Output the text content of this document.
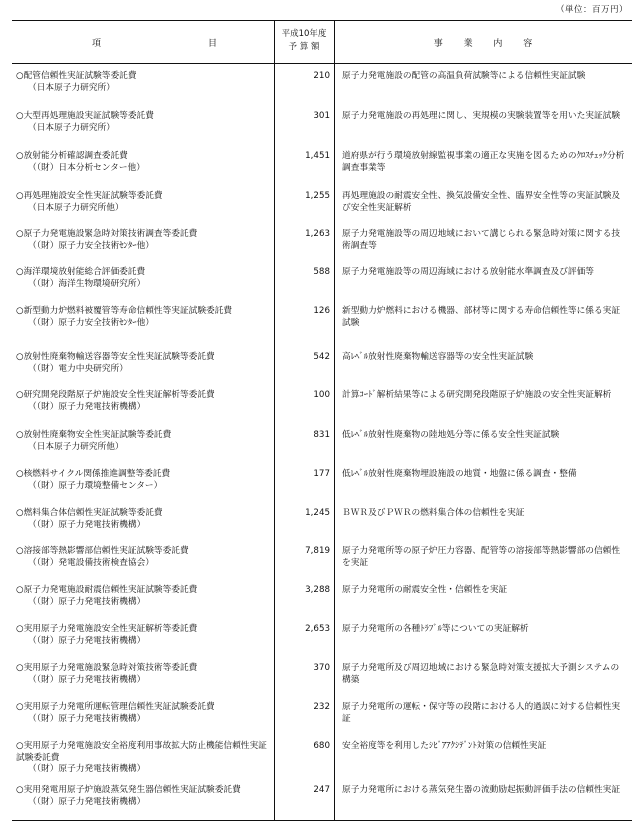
（単位：百万円）
項	目
平成10年度
予 算 額	事 業 内 容
○配管信頼性実証試験等委託費
（日本原子力研究所）
210 原子力発電施設の配管の高温負荷試験等による信頼性実証試験
○大型再処理施設実証試験等委託費
（日本原子力研究所）
301 原子力発電施設の再処理に関し、実規模の実験装置等を用いた実証試験
○放射能分析確認調査委託費
（（財）日本分析センター他）
1,451 道府県が行う環境放射線監視事業の適正な実施を図るためのｸﾛｽﾁｪｯｸ分析調査事業等
○再処理施設安全性実証試験等委託費
（日本原子力研究所他）
1,255 再処理施設の耐震安全性、換気設備安全性、臨界安全性等の実証試験及び安全性実証解析
○原子力発電施設緊急時対策技術調査等委託費
（（財）原子力安全技術ｾﾝﾀｰ他）
1,263 原子力発電施設等の周辺地域において講じられる緊急時対策に関する技術調査等
○海洋環境放射能総合評価委託費
（（財）海洋生物環境研究所）
588 原子力発電施設等の周辺海域における放射能水準調査及び評価等
○新型動力炉燃料被覆管等寿命信頼性等実証試験委託費
（（財）原子力安全技術ｾﾝﾀｰ他）
126 新型動力炉燃料における機器、部材等に関する寿命信頼性等に係る実証試験
○放射性廃棄物輸送容器等安全性実証試験等委託費
（（財）電力中央研究所）
542 高ﾚﾍﾞﾙ放射性廃棄物輸送容器等の安全性実証試験
○研究開発段階原子炉施設安全性実証解析等委託費
（（財）原子力発電技術機構）
100 計算ｺｰﾄﾞ解析結果等による研究開発段階原子炉施設の安全性実証解析
○放射性廃棄物安全性実証試験等委託費
（日本原子力研究所他）
831 低ﾚﾍﾞﾙ放射性廃棄物の陸地処分等に係る安全性実証試験
○核燃料サイクル関係推進調整等委託費
（（財）原子力環境整備センター）
177 低ﾚﾍﾞﾙ放射性廃棄物埋設施設の地質・地盤に係る調査・整備
○燃料集合体信頼性実証試験等委託費
（（財）原子力発電技術機構）
1,245 ＢＷＲ及びＰＷＲの燃料集合体の信頼性を実証
○溶接部等熱影響部信頼性実証試験等委託費
（（財）発電設備技術検査協会）
7,819 原子力発電所等の原子炉圧力容器、配管等の溶接部等熱影響部の信頼性を実証
○原子力発電施設耐震信頼性実証試験等委託費
（（財）原子力発電技術機構）
3,288 原子力発電所の耐震安全性・信頼性を実証
○実用原子力発電施設安全性実証解析等委託費
（（財）原子力発電技術機構）
2,653 原子力発電所の各種ﾄﾗﾌﾞﾙ等についての実証解析
○実用原子力発電施設緊急時対策技術等委託費
（（財）原子力発電技術機構）
370 原子力発電所及び周辺地域における緊急時対策支援拡大予測システムの構築
○実用原子力発電所運転管理信頼性実証試験委託費
（（財）原子力発電技術機構）
232 原子力発電所の運転・保守等の段階における人的過誤に対する信頼性実証
○実用原子力発電施設安全裕度利用事故拡大防止機能信頼性実証試験委託費
（（財）原子力発電技術機構）
680 安全裕度等を利用したｼﾋﾞｱｱｸｼﾃﾞﾝﾄ対策の信頼性実証
○実用発電用原子炉施設蒸気発生器信頼性実証試験委託費
（（財）原子力発電技術機構）
247 原子力発電所における蒸気発生器の流動励起振動評価手法の信頼性実証
